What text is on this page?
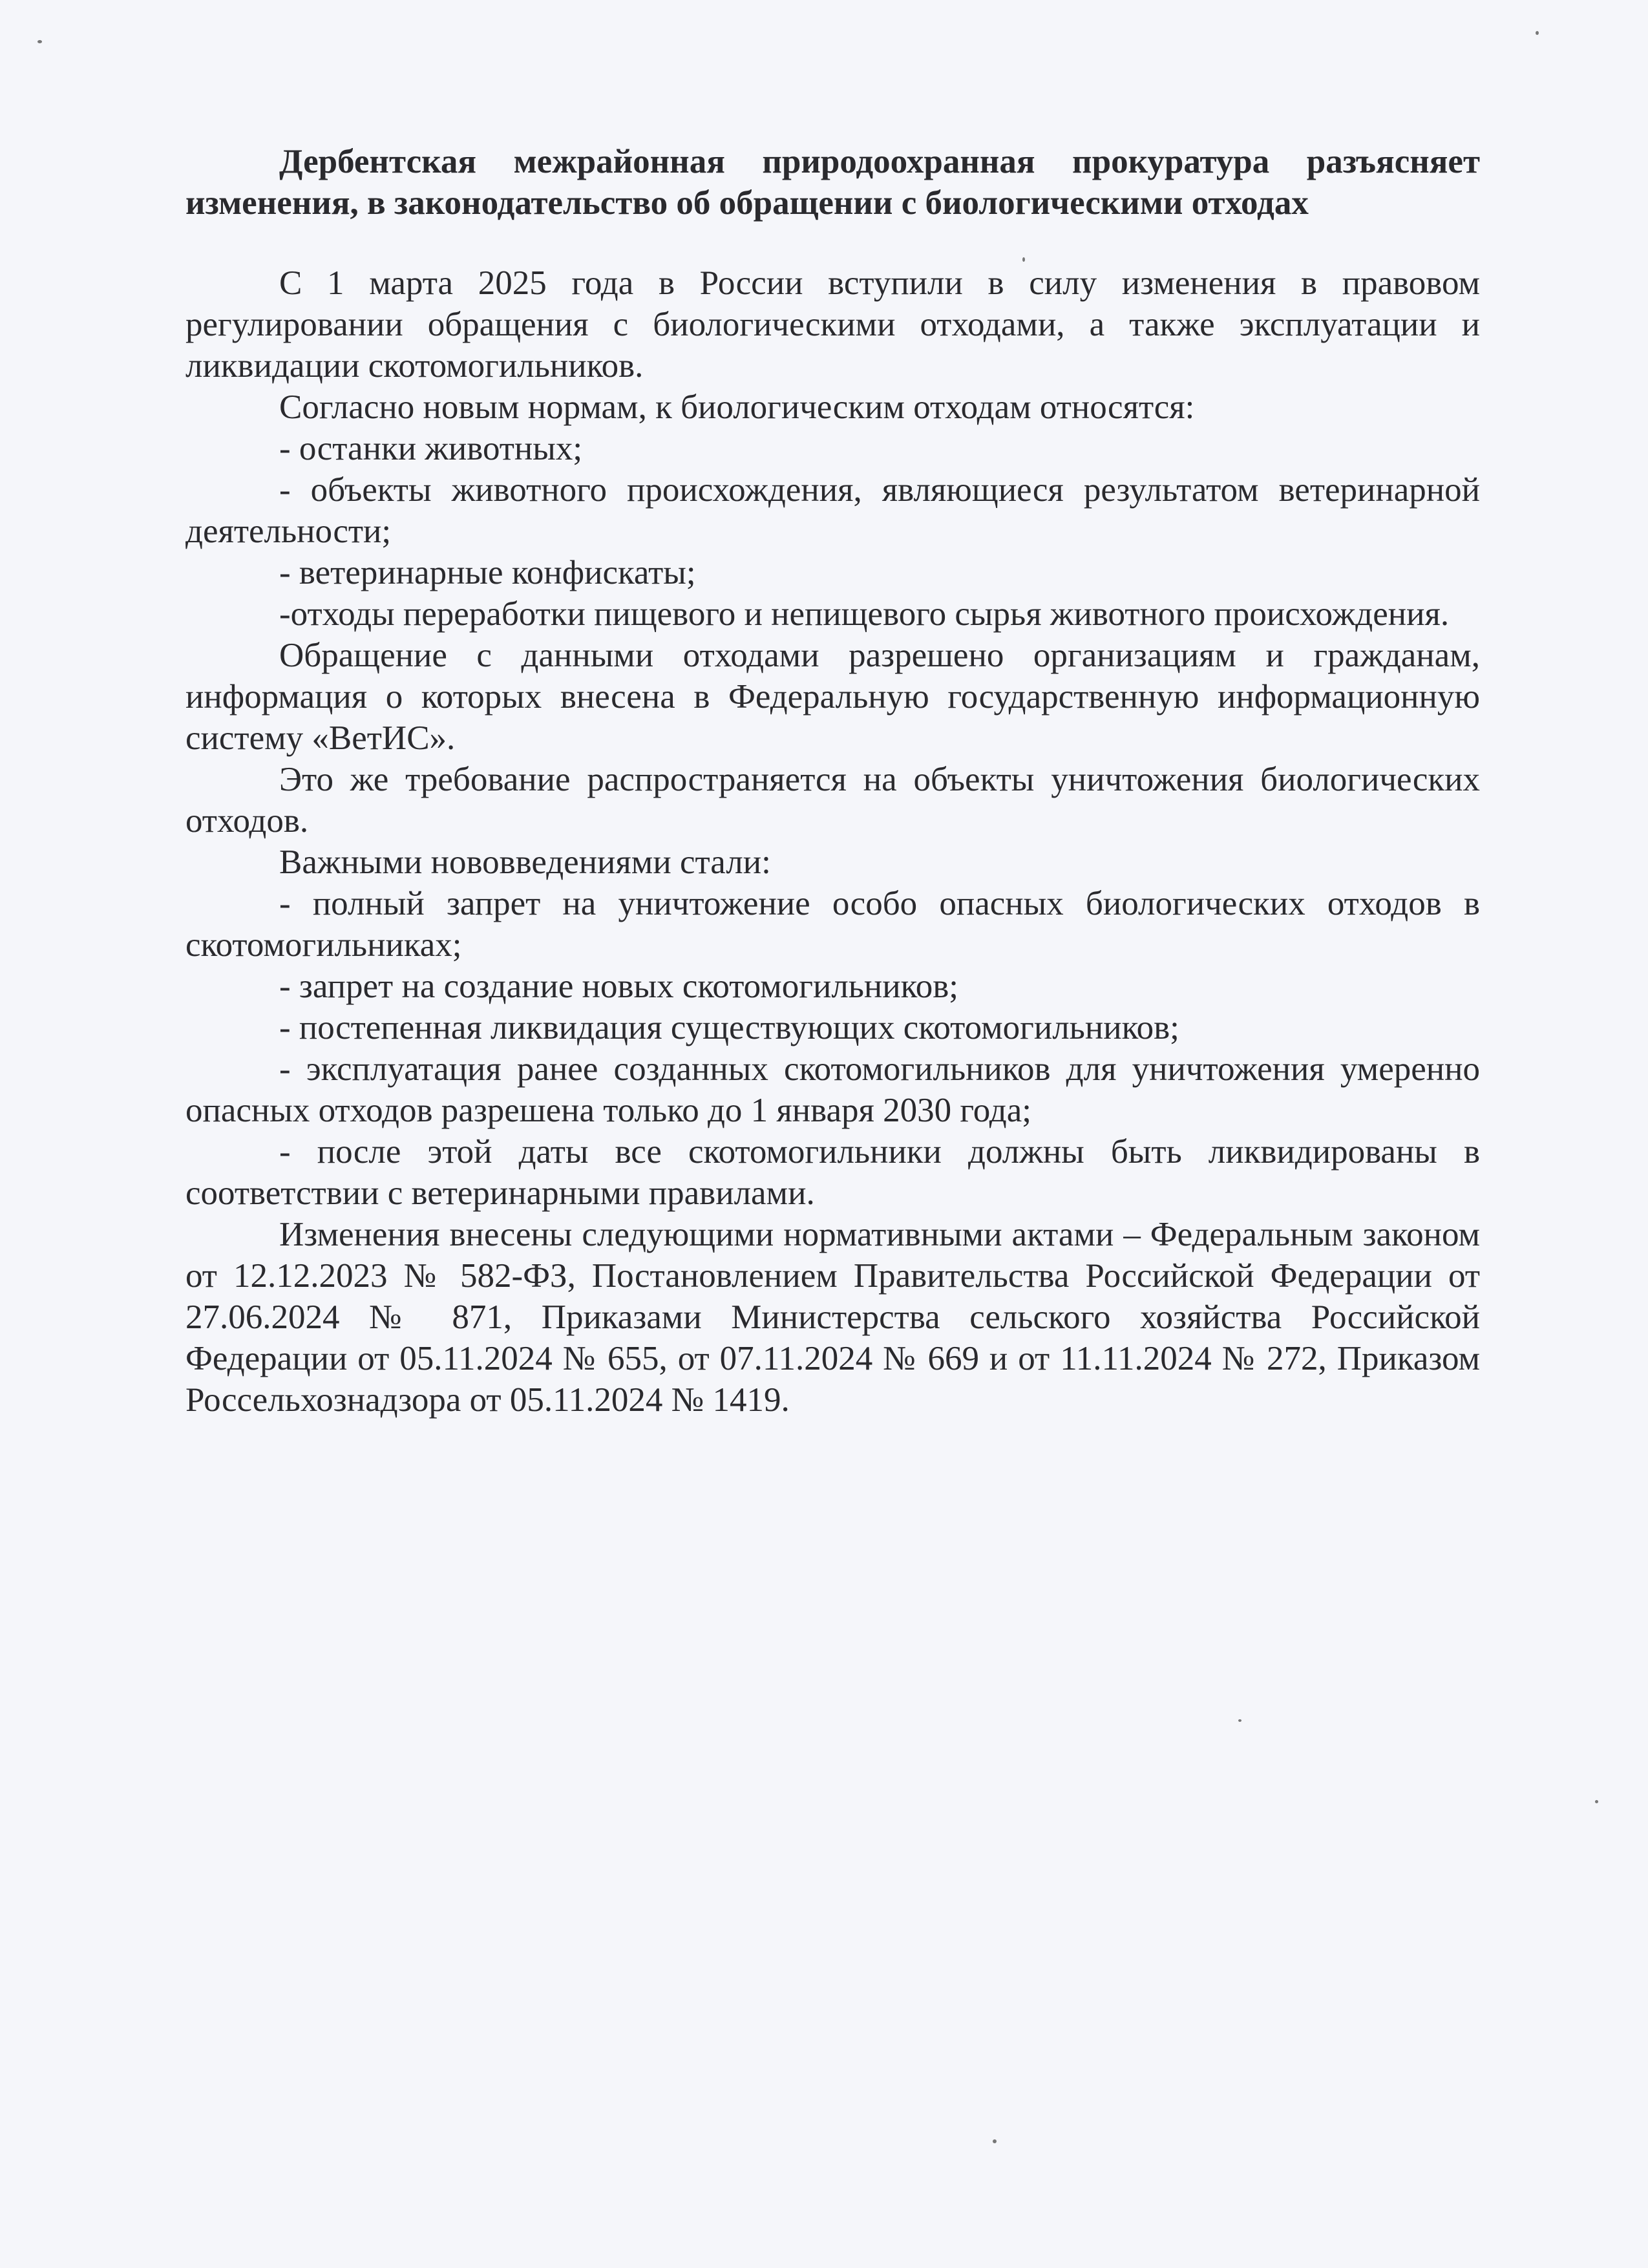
Дербентская межрайонная природоохранная прокуратура разъясняет изменения, в законодательство об обращении с биологическими отходах

С 1 марта 2025 года в России вступили в силу изменения в правовом регулировании обращения с биологическими отходами, а также эксплуатации и ликвидации скотомогильников.

Согласно новым нормам, к биологическим отходам относятся:

- останки животных;

- объекты животного происхождения, являющиеся результатом ветеринарной деятельности;

- ветеринарные конфискаты;

-отходы переработки пищевого и непищевого сырья животного происхождения.

Обращение с данными отходами разрешено организациям и гражданам, информация о которых внесена в Федеральную государственную информационную систему «ВетИС».

Это же требование распространяется на объекты уничтожения биологических отходов.

Важными нововведениями стали:

- полный запрет на уничтожение особо опасных биологических отходов в скотомогильниках;

- запрет на создание новых скотомогильников;

- постепенная ликвидация существующих скотомогильников;

- эксплуатация ранее созданных скотомогильников для уничтожения умеренно опасных отходов разрешена только до 1 января 2030 года;

- после этой даты все скотомогильники должны быть ликвидированы в соответствии с ветеринарными правилами.

Изменения внесены следующими нормативными актами – Федеральным законом от 12.12.2023 № 582-ФЗ, Постановлением Правительства Российской Федерации от 27.06.2024 № 871, Приказами Министерства сельского хозяйства Российской Федерации от 05.11.2024 № 655, от 07.11.2024 № 669 и от 11.11.2024 № 272, Приказом Россельхознадзора от 05.11.2024 № 1419.
